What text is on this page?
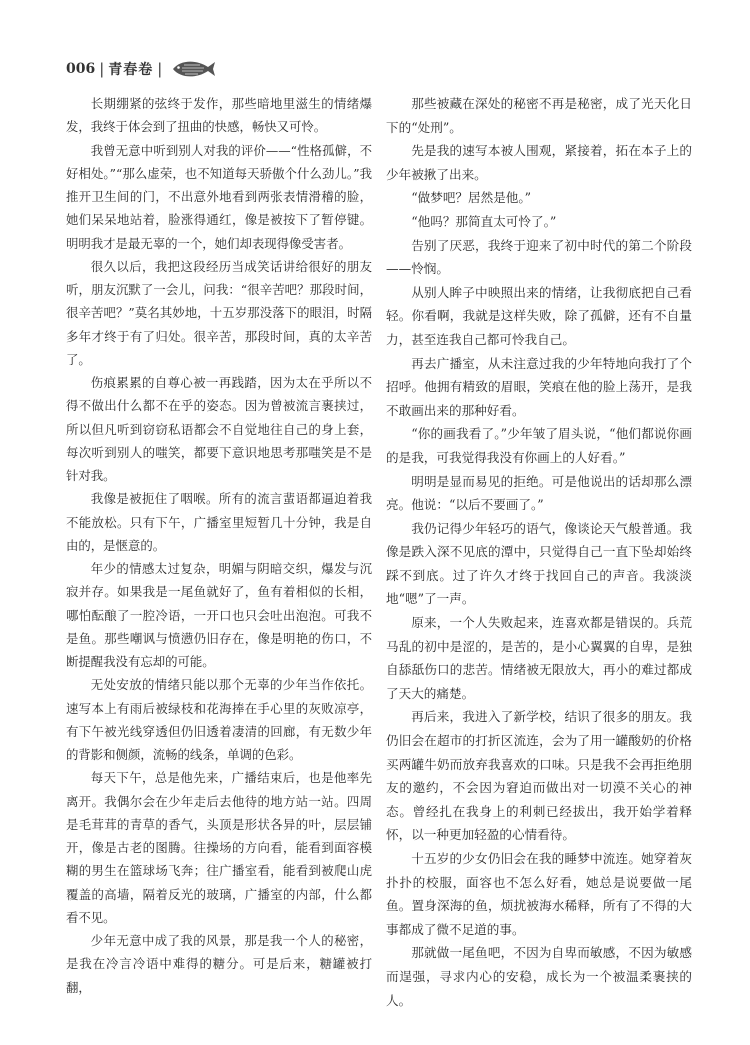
006 | 青春卷 |

长期绷紧的弦终于发作，那些暗地里滋生的情绪爆发，我终于体会到了扭曲的快感，畅快又可怜。

我曾无意中听到别人对我的评价——“性格孤僻，不好相处。”“那么虚荣，也不知道每天骄傲个什么劲儿。”我推开卫生间的门，不出意外地看到两张表情滑稽的脸，她们呆呆地站着，脸涨得通红，像是被按下了暂停键。明明我才是最无辜的一个，她们却表现得像受害者。

很久以后，我把这段经历当成笑话讲给很好的朋友听，朋友沉默了一会儿，问我：“很辛苦吧？那段时间，很辛苦吧？”莫名其妙地，十五岁那没落下的眼泪，时隔多年才终于有了归处。很辛苦，那段时间，真的太辛苦了。

伤痕累累的自尊心被一再践踏，因为太在乎所以不得不做出什么都不在乎的姿态。因为曾被流言裹挟过，所以但凡听到窃窃私语都会不自觉地往自己的身上套，每次听到别人的嗤笑，都要下意识地思考那嗤笑是不是针对我。

我像是被扼住了咽喉。所有的流言蜚语都逼迫着我不能放松。只有下午，广播室里短暂几十分钟，我是自由的，是惬意的。

年少的情感太过复杂，明媚与阴暗交织，爆发与沉寂并存。如果我是一尾鱼就好了，鱼有着相似的长相，哪怕酝酿了一腔冷语，一开口也只会吐出泡泡。可我不是鱼。那些嘲讽与愤懑仍旧存在，像是明艳的伤口，不断提醒我没有忘却的可能。

无处安放的情绪只能以那个无辜的少年当作依托。速写本上有雨后被绿枝和花海捧在手心里的灰败凉亭，有下午被光线穿透但仍旧透着凄清的回廊，有无数少年的背影和侧颜，流畅的线条，单调的色彩。

每天下午，总是他先来，广播结束后，也是他率先离开。我偶尔会在少年走后去他待的地方站一站。四周是毛茸茸的青草的香气，头顶是形状各异的叶，层层铺开，像是古老的图腾。往操场的方向看，能看到面容模糊的男生在篮球场飞奔；往广播室看，能看到被爬山虎覆盖的高墙，隔着反光的玻璃，广播室的内部，什么都看不见。

少年无意中成了我的风景，那是我一个人的秘密，是我在冷言冷语中难得的糖分。可是后来，糖罐被打翻，

那些被藏在深处的秘密不再是秘密，成了光天化日下的“处刑”。

先是我的速写本被人围观，紧接着，拓在本子上的少年被揪了出来。

“做梦吧？居然是他。”

“他吗？那简直太可怜了。”

告别了厌恶，我终于迎来了初中时代的第二个阶段——怜悯。

从别人眸子中映照出来的情绪，让我彻底把自己看轻。你看啊，我就是这样失败，除了孤僻，还有不自量力，甚至连我自己都可怜我自己。

再去广播室，从未注意过我的少年特地向我打了个招呼。他拥有精致的眉眼，笑痕在他的脸上荡开，是我不敢画出来的那种好看。

“你的画我看了。”少年皱了眉头说，“他们都说你画的是我，可我觉得我没有你画上的人好看。”

明明是显而易见的拒绝。可是他说出的话却那么漂亮。他说：“以后不要画了。”

我仍记得少年轻巧的语气，像谈论天气般普通。我像是跌入深不见底的潭中，只觉得自己一直下坠却始终踩不到底。过了许久才终于找回自己的声音。我淡淡地“嗯”了一声。

原来，一个人失败起来，连喜欢都是错误的。兵荒马乱的初中是涩的，是苦的，是小心翼翼的自卑，是独自舔舐伤口的悲苦。情绪被无限放大，再小的难过都成了天大的痛楚。

再后来，我进入了新学校，结识了很多的朋友。我仍旧会在超市的打折区流连，会为了用一罐酸奶的价格买两罐牛奶而放弃我喜欢的口味。只是我不会再拒绝朋友的邀约，不会因为窘迫而做出对一切漠不关心的神态。曾经扎在我身上的利刺已经拔出，我开始学着释怀，以一种更加轻盈的心情看待。

十五岁的少女仍旧会在我的睡梦中流连。她穿着灰扑扑的校服，面容也不怎么好看，她总是说要做一尾鱼。置身深海的鱼，烦扰被海水稀释，所有了不得的大事都成了微不足道的事。

那就做一尾鱼吧，不因为自卑而敏感，不因为敏感而逞强，寻求内心的安稳，成长为一个被温柔裹挟的人。
